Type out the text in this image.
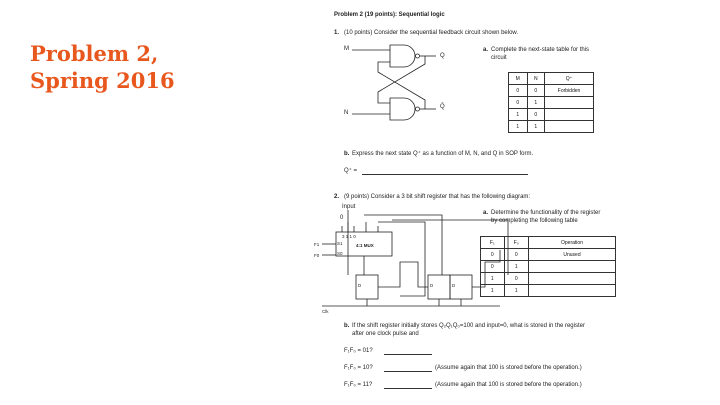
Problem 2,
Spring 2016
Problem 2 (19 points): Sequential logic
1. (10 points) Consider the sequential feedback circuit shown below.
M
N
Q
Q̄
a. Complete the next-state table for this
circuit
M	N	Q⁺
0	0	Forbidden
0	1	
1	0	
1	1	
b. Express the next state Q⁺ as a function of M, N, and Q in SOP form.
Q⁺ =
2. (9 points) Consider a 3 bit shift register that has the following diagram:
Input
0
3 1 1 0
S1
S0
F1
F0
4:1 MUX
Clk
D	D	D
a. Determine the functionality of the register
by completing the following table
F₁	F₀	Operation
0	0	Unused
0	1	
1	0	
1	1	
b. If the shift register initially stores Q₂Q₁Q₀=100 and input=0, what is stored in the register
after one clock pulse and
F₁F₀ = 01?
F₁F₀ = 10?	(Assume again that 100 is stored before the operation.)
F₁F₀ = 11?	(Assume again that 100 is stored before the operation.)
